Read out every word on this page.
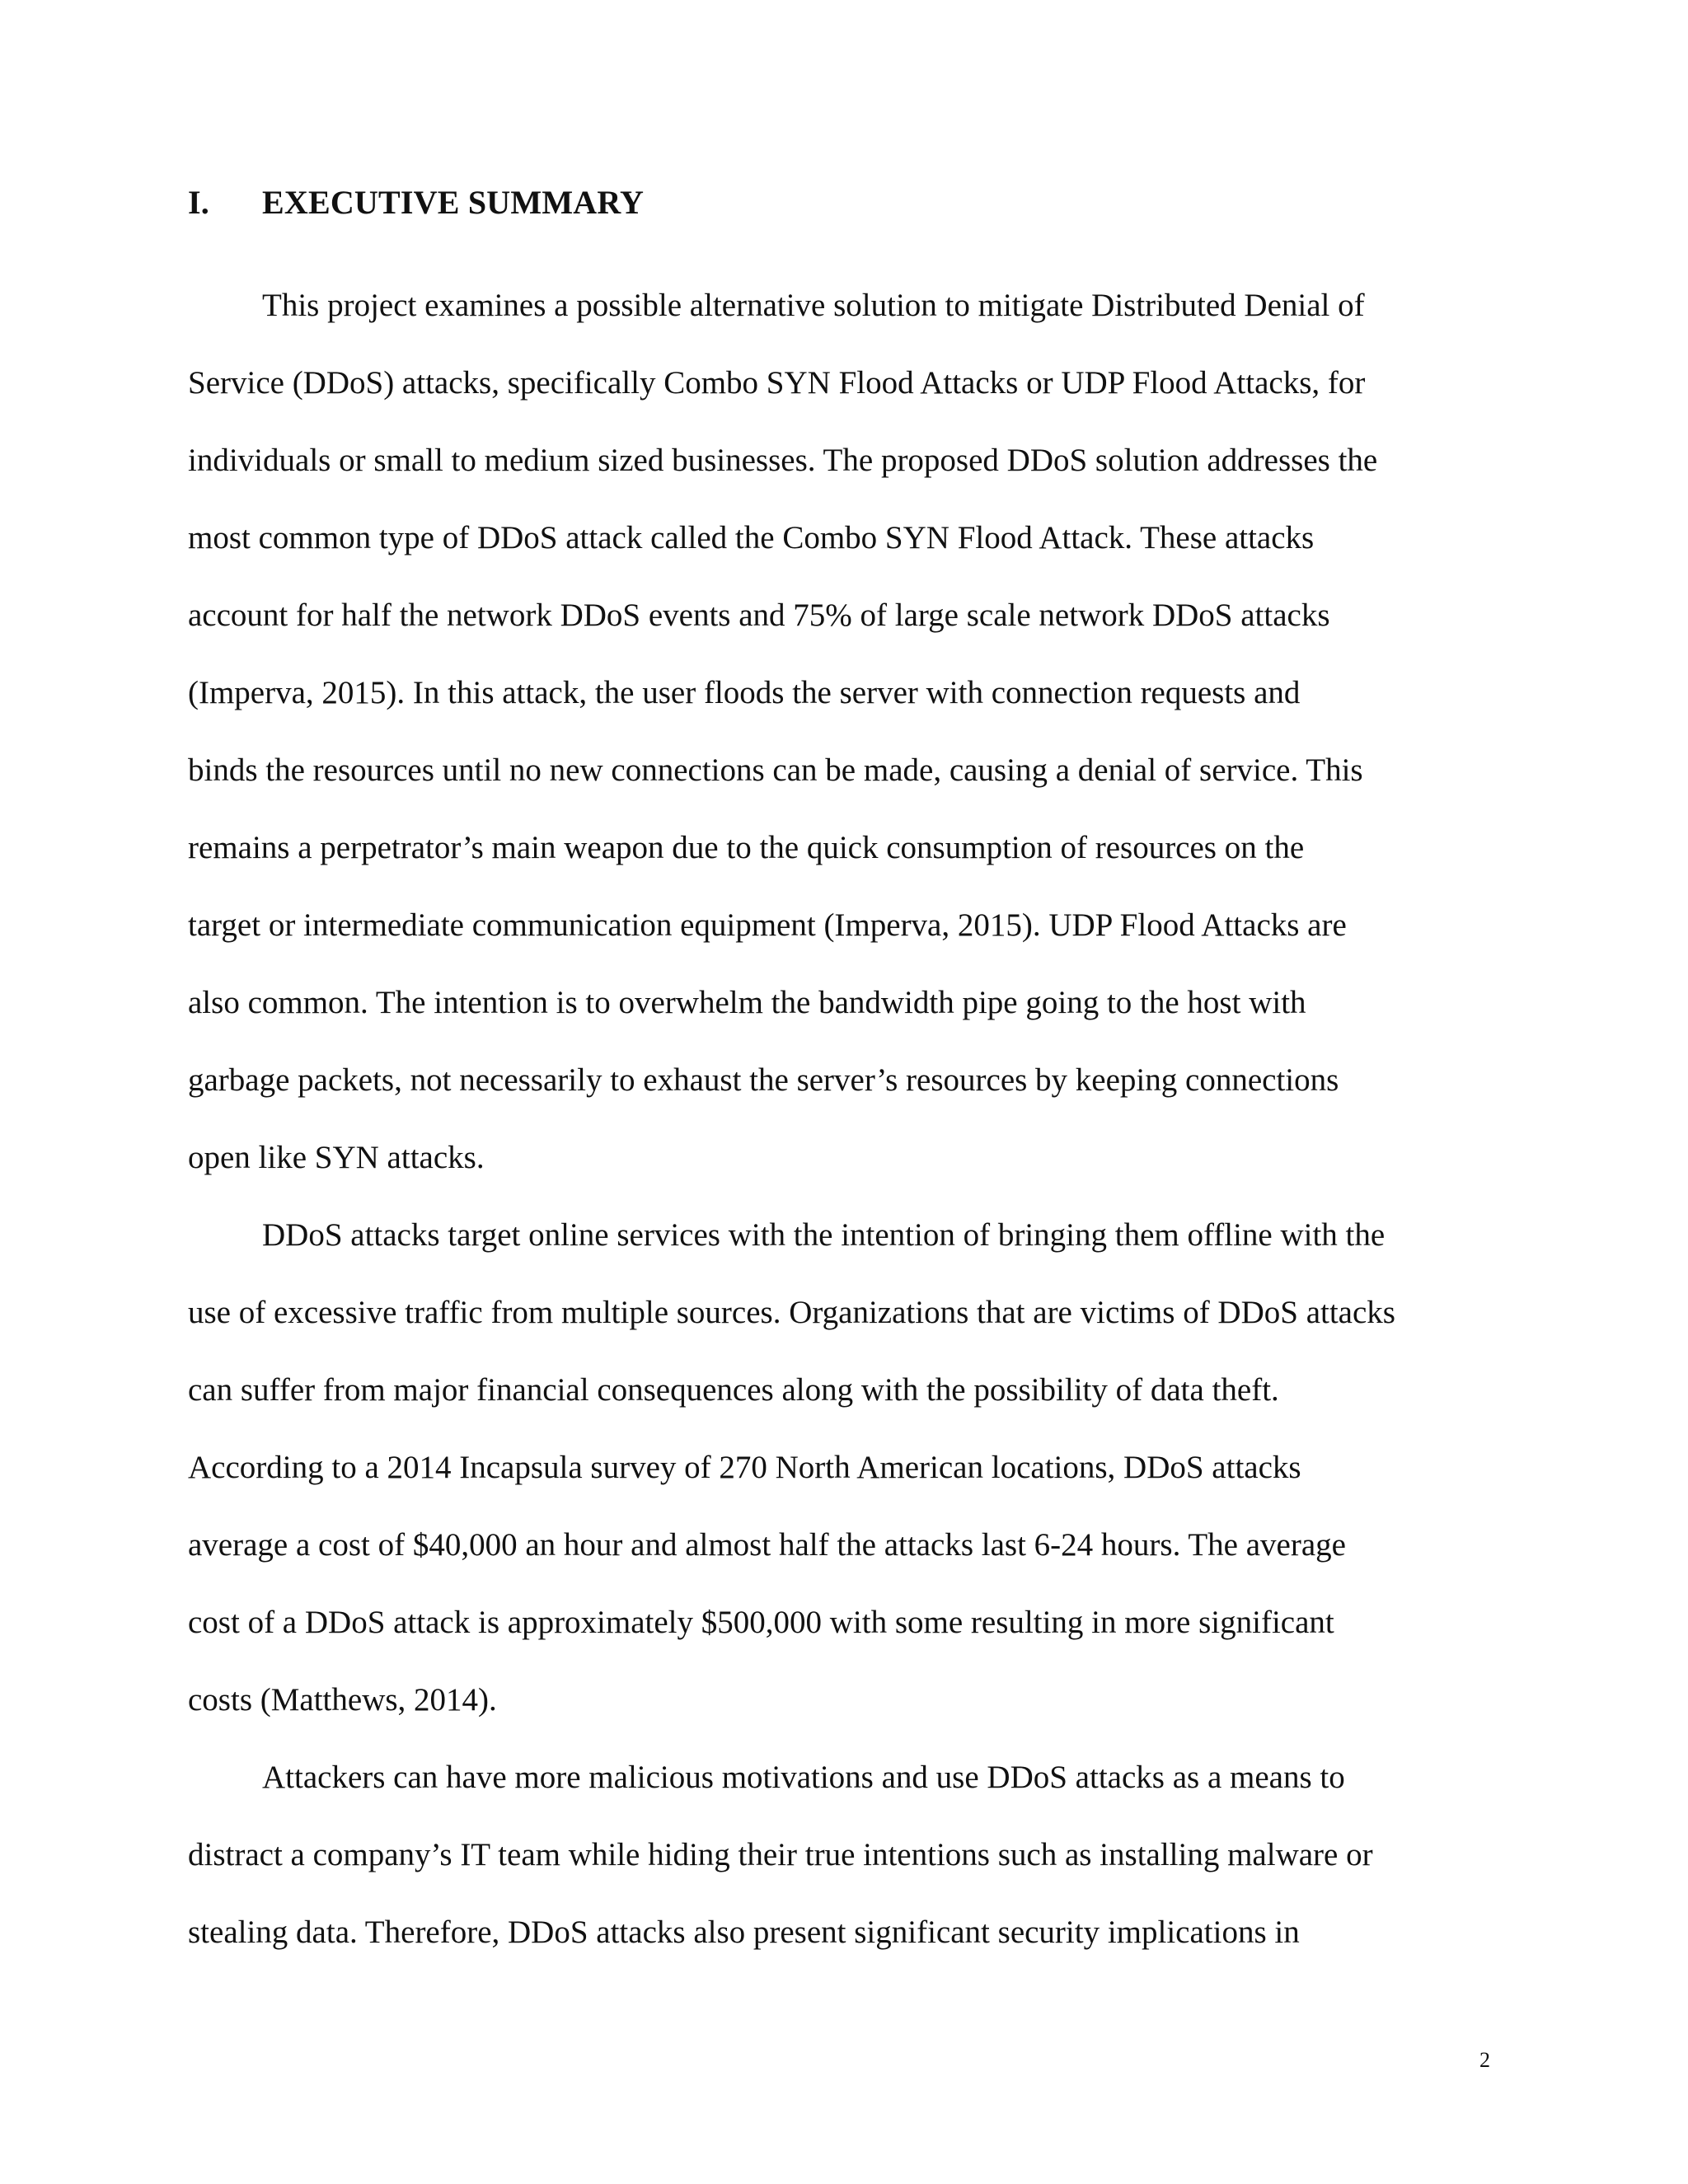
I. EXECUTIVE SUMMARY
This project examines a possible alternative solution to mitigate Distributed Denial of
Service (DDoS) attacks, specifically Combo SYN Flood Attacks or UDP Flood Attacks, for
individuals or small to medium sized businesses. The proposed DDoS solution addresses the
most common type of DDoS attack called the Combo SYN Flood Attack. These attacks
account for half the network DDoS events and 75% of large scale network DDoS attacks
(Imperva, 2015). In this attack, the user floods the server with connection requests and
binds the resources until no new connections can be made, causing a denial of service. This
remains a perpetrator’s main weapon due to the quick consumption of resources on the
target or intermediate communication equipment (Imperva, 2015). UDP Flood Attacks are
also common. The intention is to overwhelm the bandwidth pipe going to the host with
garbage packets, not necessarily to exhaust the server’s resources by keeping connections
open like SYN attacks.
DDoS attacks target online services with the intention of bringing them offline with the
use of excessive traffic from multiple sources. Organizations that are victims of DDoS attacks
can suffer from major financial consequences along with the possibility of data theft.
According to a 2014 Incapsula survey of 270 North American locations, DDoS attacks
average a cost of $40,000 an hour and almost half the attacks last 6-24 hours. The average
cost of a DDoS attack is approximately $500,000 with some resulting in more significant
costs (Matthews, 2014).
Attackers can have more malicious motivations and use DDoS attacks as a means to
distract a company’s IT team while hiding their true intentions such as installing malware or
stealing data. Therefore, DDoS attacks also present significant security implications in
2
